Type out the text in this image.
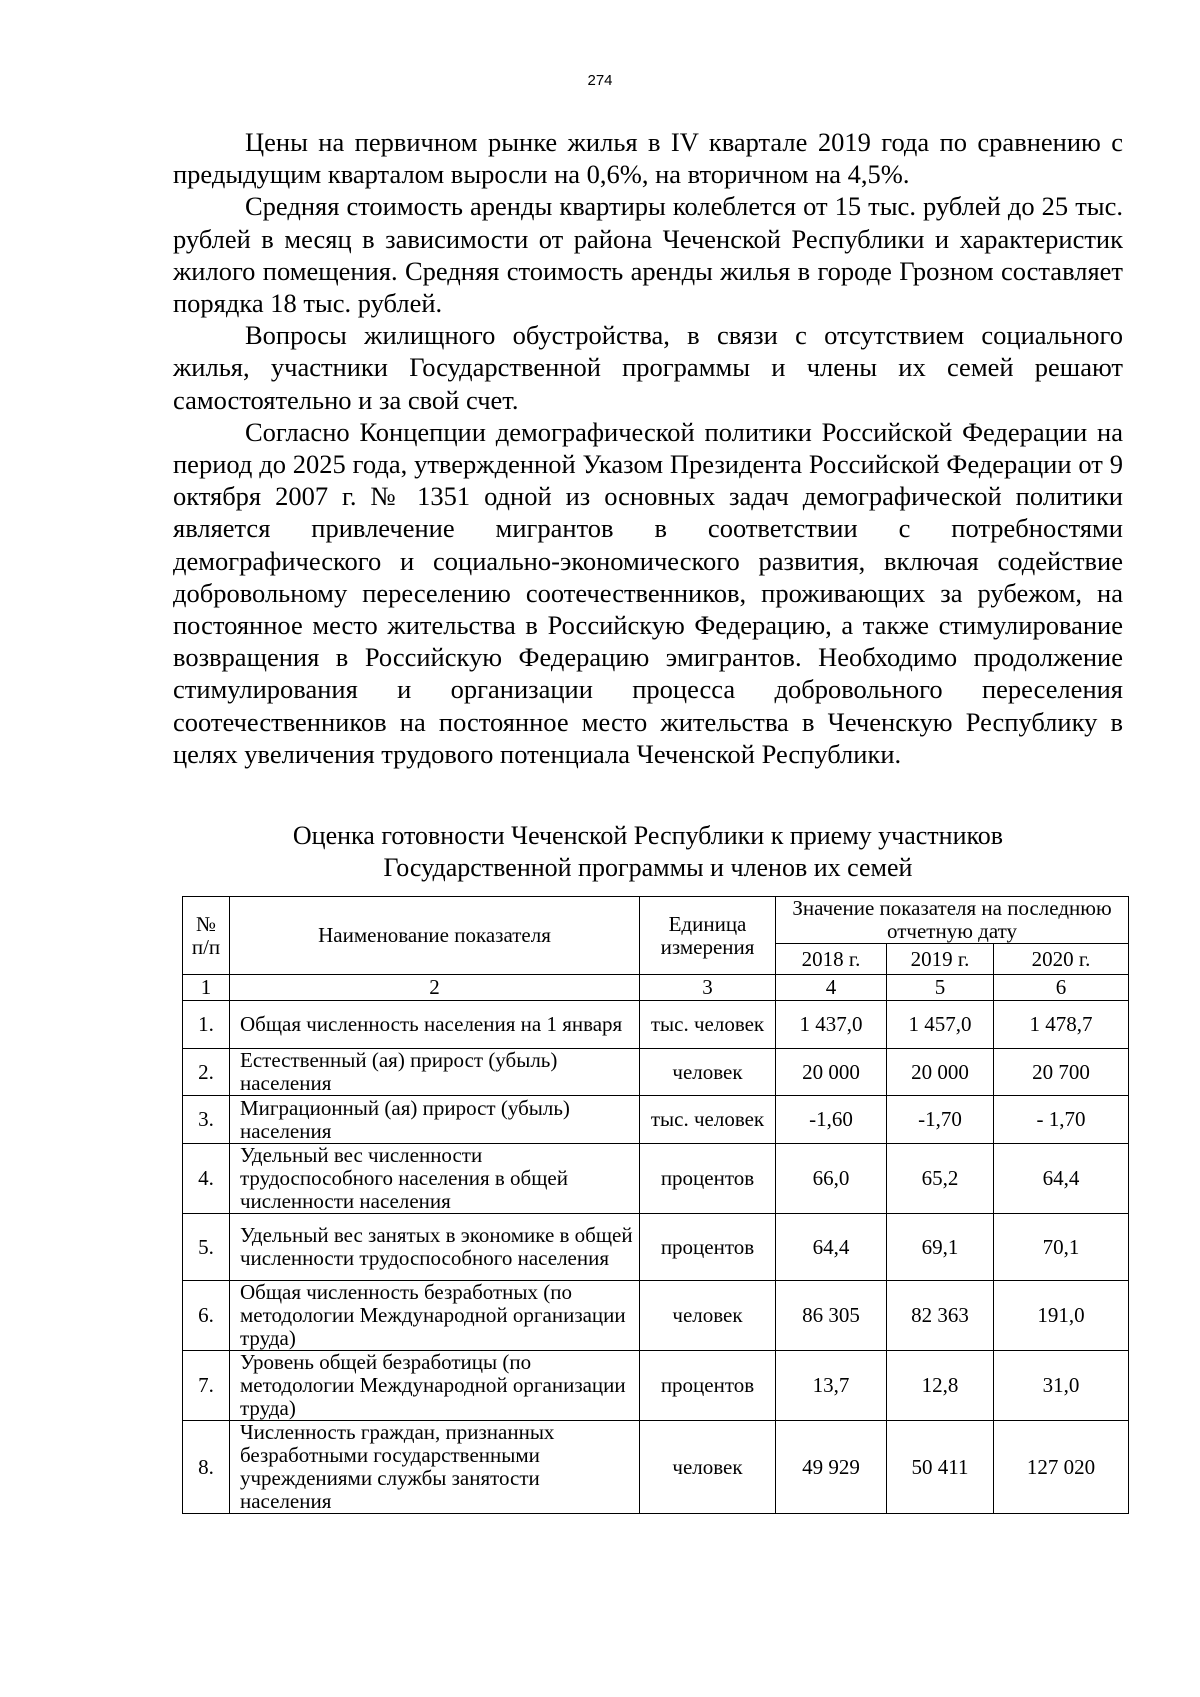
274

Цены на первичном рынке жилья в IV квартале 2019 года по сравнению с предыдущим кварталом выросли на 0,6%, на вторичном на 4,5%.

Средняя стоимость аренды квартиры колеблется от 15 тыс. рублей до 25 тыс. рублей в месяц в зависимости от района Чеченской Республики и характеристик жилого помещения. Средняя стоимость аренды жилья в городе Грозном составляет порядка 18 тыс. рублей.

Вопросы жилищного обустройства, в связи с отсутствием социального жилья, участники Государственной программы и члены их семей решают самостоятельно и за свой счет.

Согласно Концепции демографической политики Российской Федерации на период до 2025 года, утвержденной Указом Президента Российской Федерации от 9 октября 2007 г. № 1351 одной из основных задач демографической политики является привлечение мигрантов в соответствии с потребностями демографического и социально-экономического развития, включая содействие добровольному переселению соотечественников, проживающих за рубежом, на постоянное место жительства в Российскую Федерацию, а также стимулирование возвращения в Российскую Федерацию эмигрантов. Необходимо продолжение стимулирования и организации процесса добровольного переселения соотечественников на постоянное место жительства в Чеченскую Республику в целях увеличения трудового потенциала Чеченской Республики.

Оценка готовности Чеченской Республики к приему участников
Государственной программы и членов их семей
№ п/п	Наименование показателя	Единица измерения	Значение показателя на последнюю отчетную дату		
			2018 г.	2019 г.	2020 г.
1	2	3	4	5	6
1.	Общая численность населения на 1 января	тыс. человек	1 437,0	1 457,0	1 478,7
2.	Естественный (ая) прирост (убыль) населения	человек	20 000	20 000	20 700
3.	Миграционный (ая) прирост (убыль) населения	тыс. человек	-1,60	-1,70	- 1,70
4.	Удельный вес численности трудоспособного населения в общей численности населения	процентов	66,0	65,2	64,4
5.	Удельный вес занятых в экономике в общей численности трудоспособного населения	процентов	64,4	69,1	70,1
6.	Общая численность безработных (по методологии Международной организации труда)	человек	86 305	82 363	191,0
7.	Уровень общей безработицы (по методологии Международной организации труда)	процентов	13,7	12,8	31,0
8.	Численность граждан, признанных безработными государственными учреждениями службы занятости населения	человек	49 929	50 411	127 020
